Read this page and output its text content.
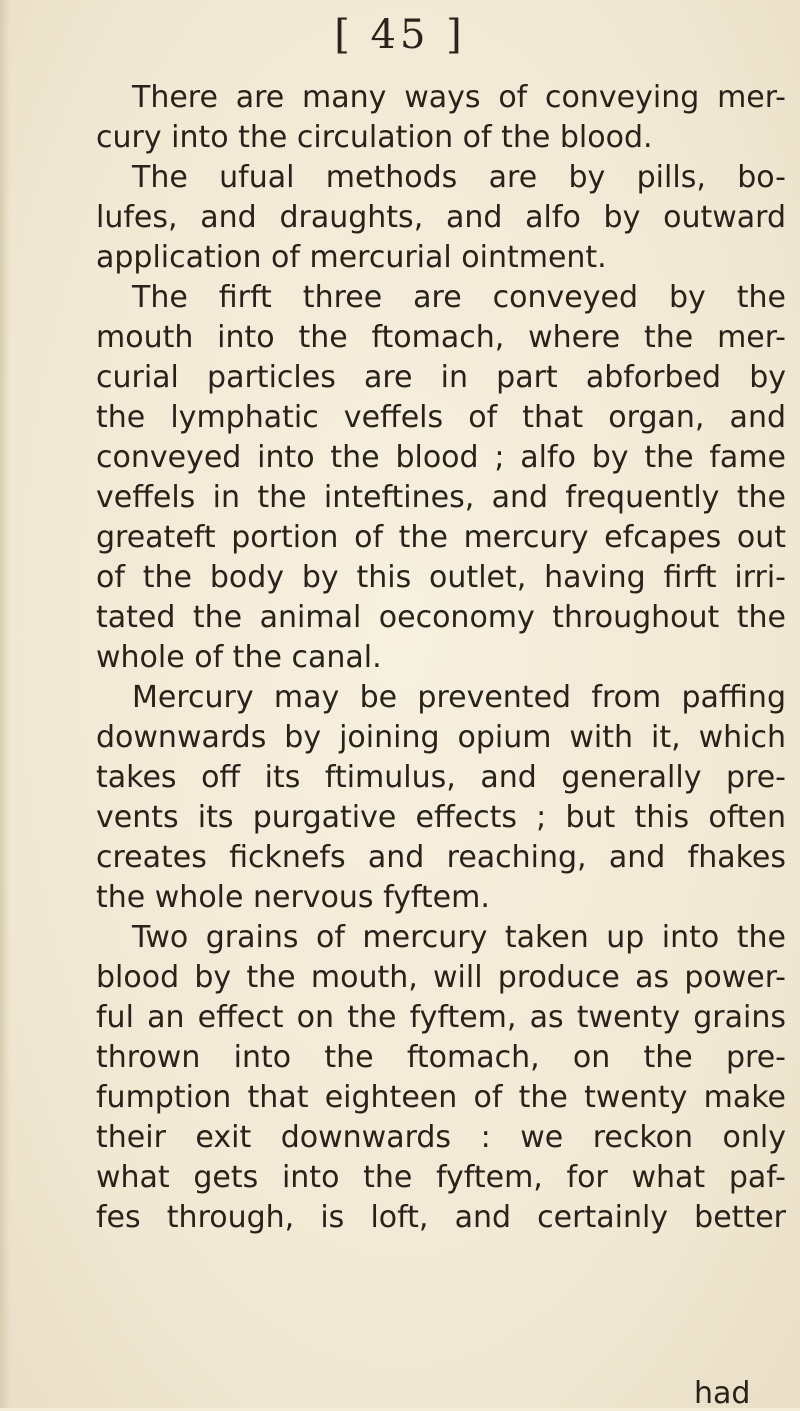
[ 45 ]
There are many ways of conveying mer-
cury into the circulation of the blood.
The ufual methods are by pills, bo-
lufes, and draughts, and alfo by outward
application of mercurial ointment.
The firft three are conveyed by the
mouth into the ftomach, where the mer-
curial particles are in part abforbed by
the lymphatic veffels of that organ, and
conveyed into the blood ; alfo by the fame
veffels in the inteftines, and frequently the
greateft portion of the mercury efcapes out
of the body by this outlet, having firft irri-
tated the animal oeconomy throughout the
whole of the canal.
Mercury may be prevented from paffing
downwards by joining opium with it, which
takes off its ftimulus, and generally pre-
vents its purgative effects ; but this often
creates ficknefs and reaching, and fhakes
the whole nervous fyftem.
Two grains of mercury taken up into the
blood by the mouth, will produce as power-
ful an effect on the fyftem, as twenty grains
thrown into the ftomach, on the pre-
fumption that eighteen of the twenty make
their exit downwards : we reckon only
what gets into the fyftem, for what paf-
fes through, is loft, and certainly better
had
